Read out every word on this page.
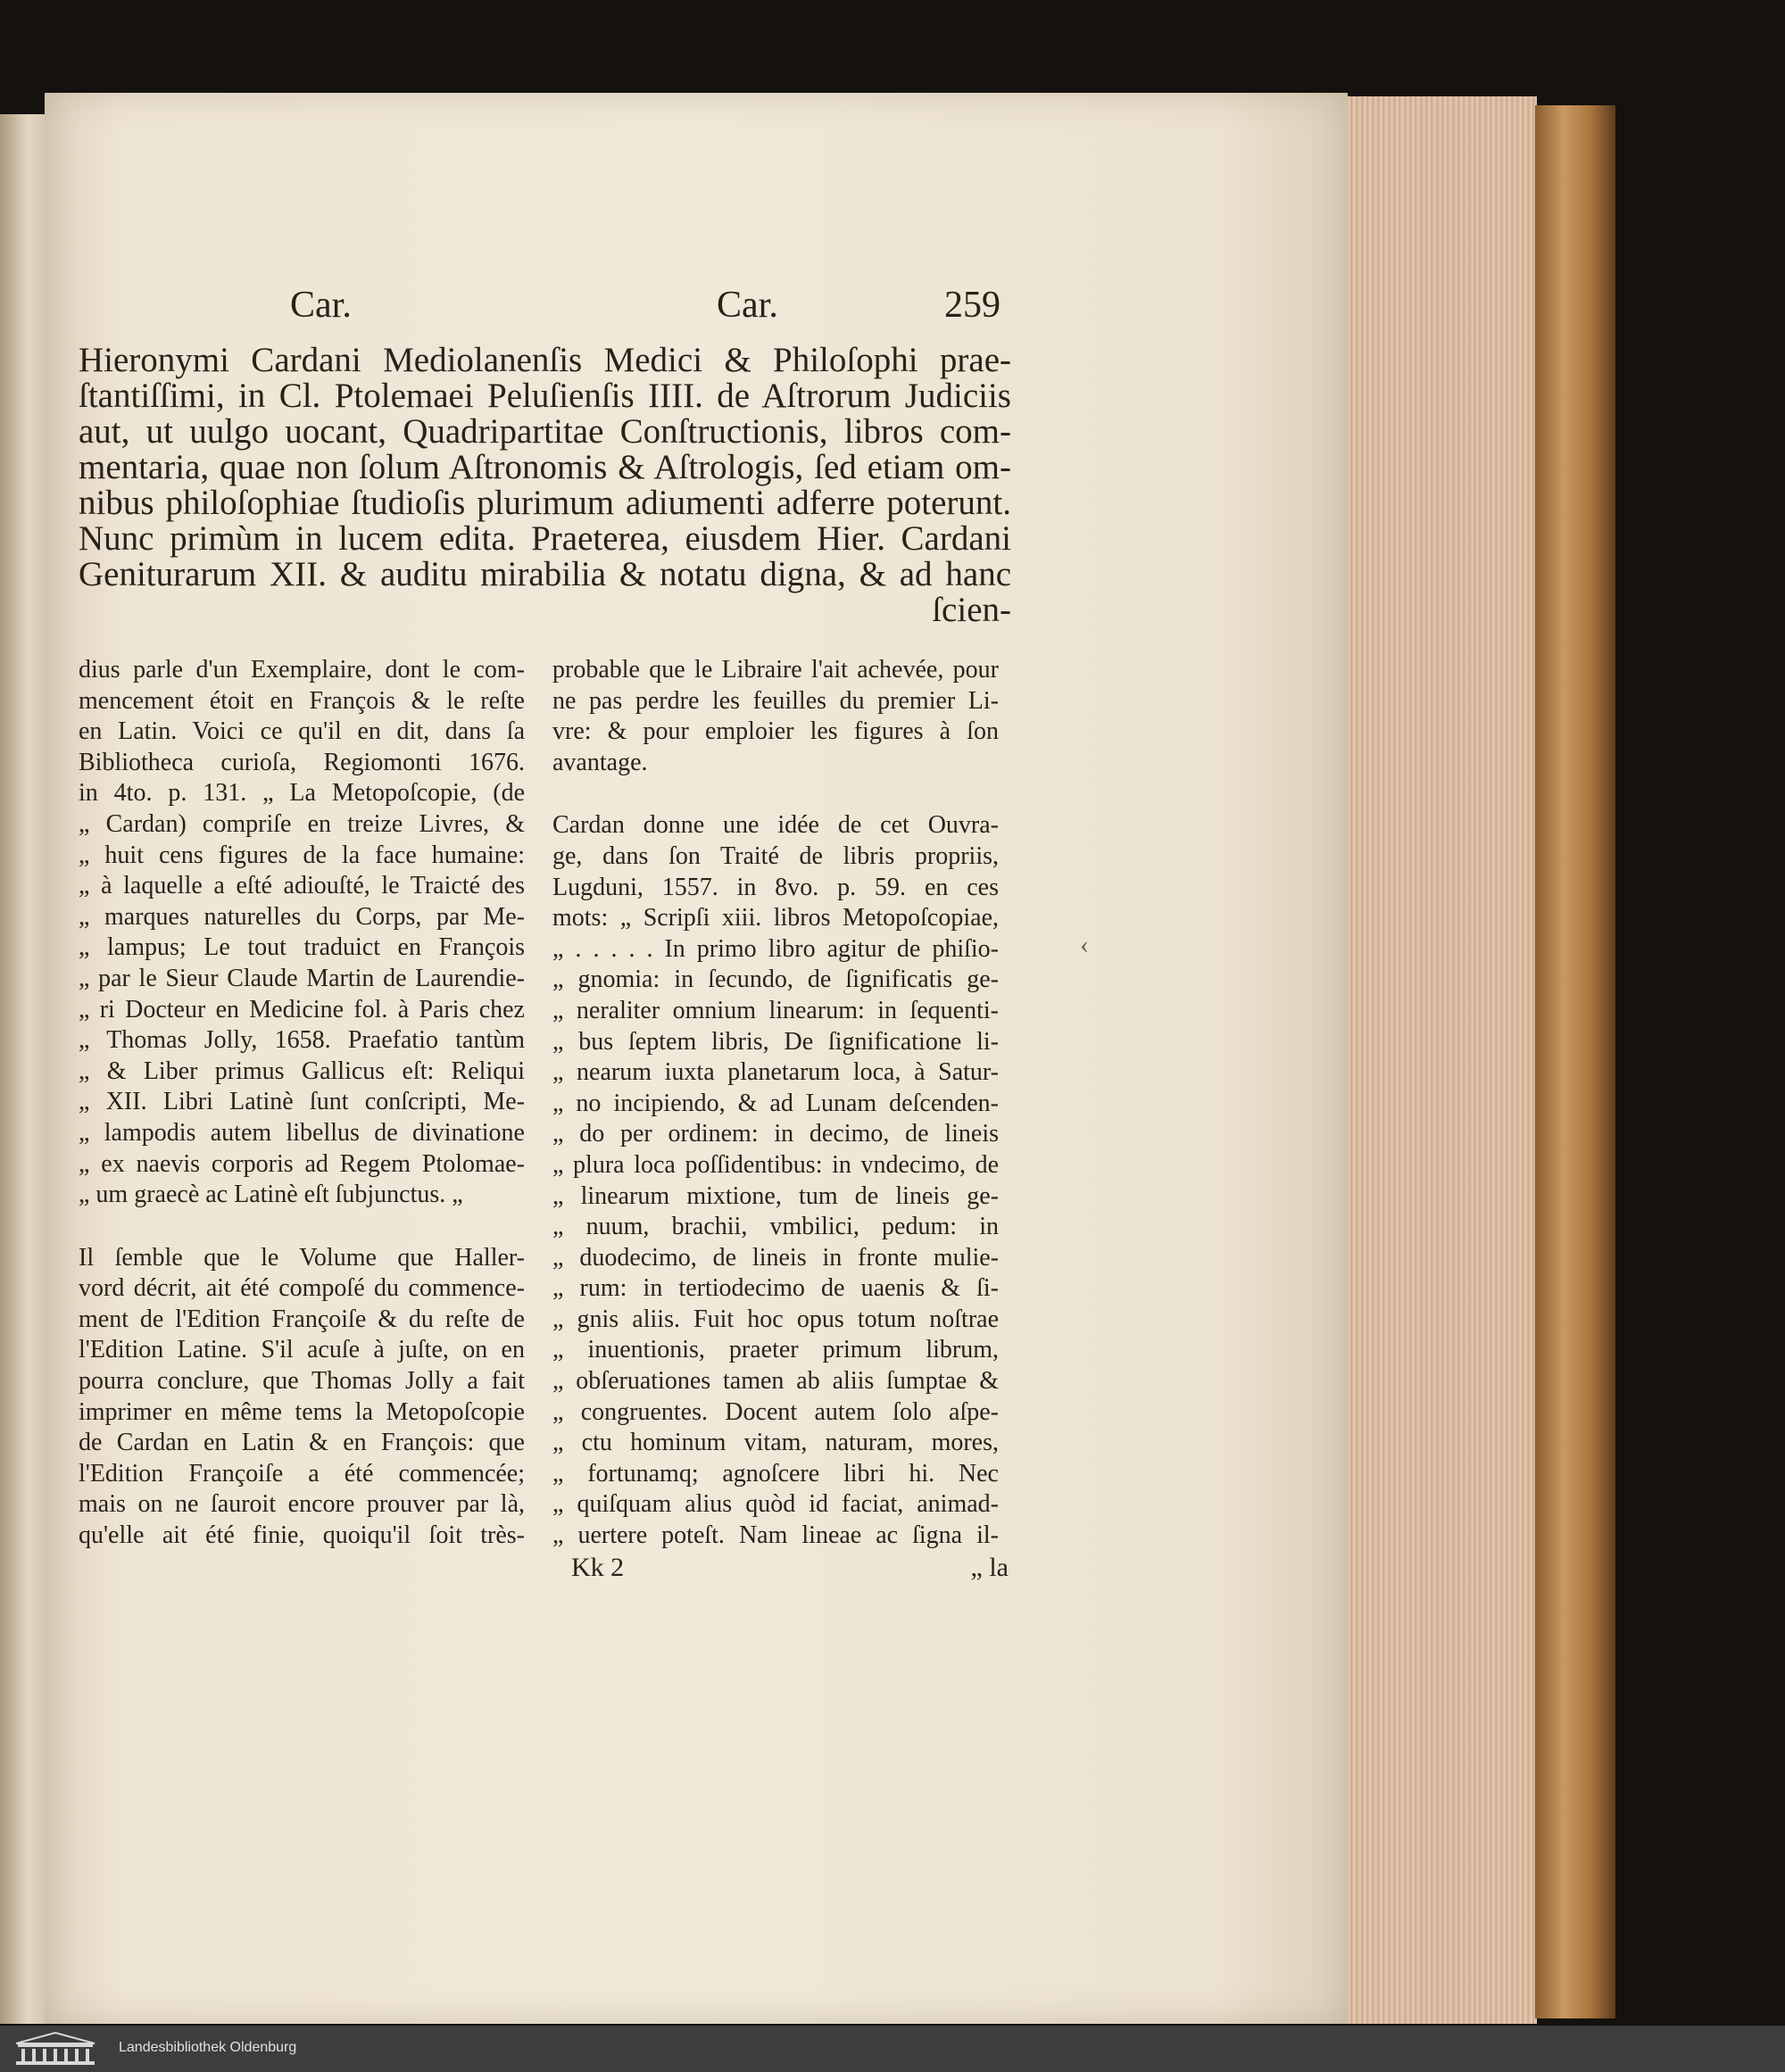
Car.	Car.	259
Hieronymi Cardani Mediolanenſis Medici & Philoſophi prae-
ſtantiſſimi, in Cl. Ptolemaei Peluſienſis IIII. de Aſtrorum Judiciis
aut, ut uulgo uocant, Quadripartitae Conſtructionis, libros com-
mentaria, quae non ſolum Aſtronomis & Aſtrologis, ſed etiam om-
nibus philoſophiae ſtudioſis plurimum adiumenti adferre poterunt.
Nunc primùm in lucem edita. Praeterea, eiusdem Hier. Cardani
Geniturarum XII. & auditu mirabilia & notatu digna, & ad hanc
ſcien-
dius parle d'un Exemplaire, dont le com-
mencement étoit en François & le reſte
en Latin. Voici ce qu'il en dit, dans ſa
Bibliotheca curioſa, Regiomonti 1676.
in 4to. p. 131. „ La Metopoſcopie, (de
„ Cardan) compriſe en treize Livres, &
„ huit cens figures de la face humaine:
„ à laquelle a eſté adiouſté, le Traicté des
„ marques naturelles du Corps, par Me-
„ lampus; Le tout traduict en François
„ par le Sieur Claude Martin de Laurendie-
„ ri Docteur en Medicine fol. à Paris chez
„ Thomas Jolly, 1658. Praefatio tantùm
„ & Liber primus Gallicus eſt: Reliqui
„ XII. Libri Latinè ſunt conſcripti, Me-
„ lampodis autem libellus de divinatione
„ ex naevis corporis ad Regem Ptolomae-
„ um graecè ac Latinè eſt ſubjunctus. „
Il ſemble que le Volume que Haller-
vord décrit, ait été compoſé du commence-
ment de l'Edition Françoiſe & du reſte de
l'Edition Latine. S'il acuſe à juſte, on en
pourra conclure, que Thomas Jolly a fait
imprimer en même tems la Metopoſcopie
de Cardan en Latin & en François: que
l'Edition Françoiſe a été commencée;
mais on ne ſauroit encore prouver par là,
qu'elle ait été finie, quoiqu'il ſoit très-
probable que le Libraire l'ait achevée, pour
ne pas perdre les feuilles du premier Li-
vre: & pour emploier les figures à ſon
avantage.
Cardan donne une idée de cet Ouvra-
ge, dans ſon Traité de libris propriis,
Lugduni, 1557. in 8vo. p. 59. en ces
mots: „ Scripſi xiii. libros Metopoſcopiae,
„ . . . . . In primo libro agitur de phiſio-
„ gnomia: in ſecundo, de ſignificatis ge-
„ neraliter omnium linearum: in ſequenti-
„ bus ſeptem libris, De ſignificatione li-
„ nearum iuxta planetarum loca, à Satur-
„ no incipiendo, & ad Lunam deſcenden-
„ do per ordinem: in decimo, de lineis
„ plura loca poſſidentibus: in vndecimo, de
„ linearum mixtione, tum de lineis ge-
„ nuum, brachii, vmbilici, pedum: in
„ duodecimo, de lineis in fronte mulie-
„ rum: in tertiodecimo de uaenis & ſi-
„ gnis aliis. Fuit hoc opus totum noſtrae
„ inuentionis, praeter primum librum,
„ obſeruationes tamen ab aliis ſumptae &
„ congruentes. Docent autem ſolo aſpe-
„ ctu hominum vitam, naturam, mores,
„ fortunamq; agnoſcere libri hi. Nec
„ quiſquam alius quòd id faciat, animad-
„ uertere poteſt. Nam lineae ac ſigna il-
Kk 2	„ la
‹
Landesbibliothek Oldenburg
